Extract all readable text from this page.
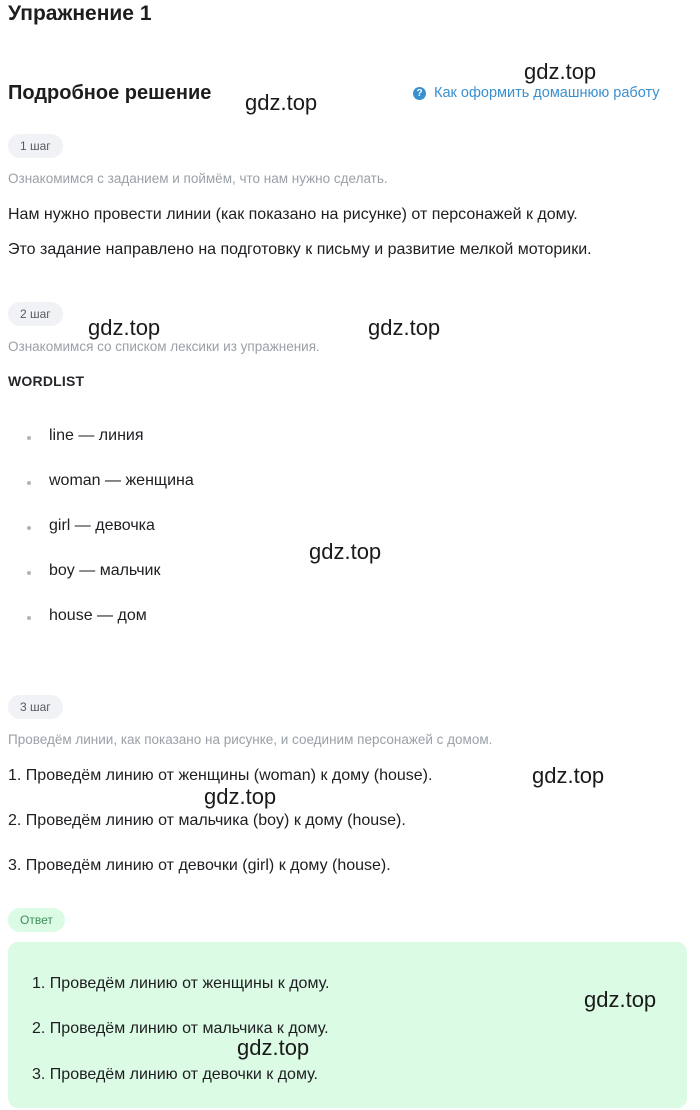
Упражнение 1
Подробное решение	? Как оформить домашнюю работу
1 шаг
Ознакомимся с заданием и поймём, что нам нужно сделать.
Нам нужно провести линии (как показано на рисунке) от персонажей к дому.
Это задание направлено на подготовку к письму и развитие мелкой моторики.
2 шаг
Ознакомимся со списком лексики из упражнения.
WORDLIST
line — линия
woman — женщина
girl — девочка
boy — мальчик
house — дом
3 шаг
Проведём линии, как показано на рисунке, и соединим персонажей с домом.
1. Проведём линию от женщины (woman) к дому (house).
2. Проведём линию от мальчика (boy) к дому (house).
3. Проведём линию от девочки (girl) к дому (house).
Ответ
1. Проведём линию от женщины к дому.
2. Проведём линию от мальчика к дому.
3. Проведём линию от девочки к дому.
gdz.top
gdz.top
gdz.top	gdz.top
gdz.top
gdz.top
gdz.top
gdz.top
gdz.top
